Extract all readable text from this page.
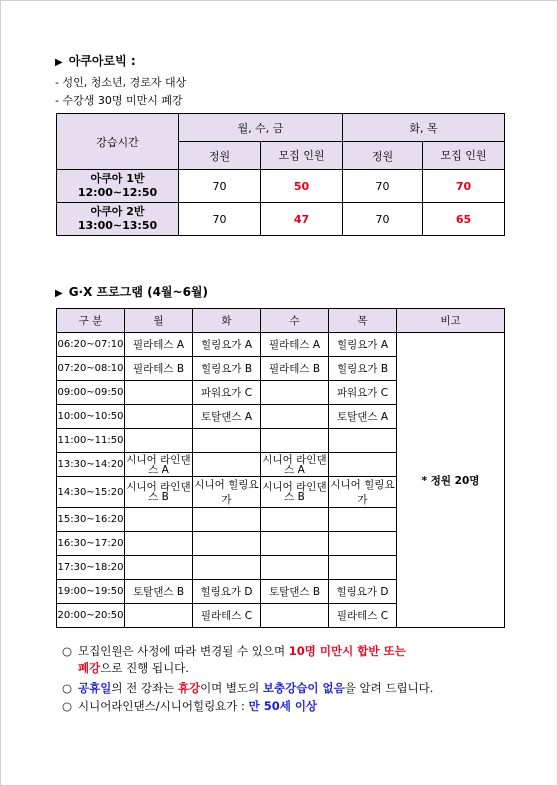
▶ 아쿠아로빅 :
- 성인, 청소년, 경로자 대상
- 수강생 30명 미만시 폐강
강습시간	월, 수, 금		화, 목	
	정원	모집 인원	정원	모집 인원

아쿠아 1반
12:00~12:50	70	50	70	70

아쿠아 2반
13:00~13:50	70	47	70	65
▶ G·X 프로그램 (4월~6월)
구 분	월	화	수	목	비고
06:20~07:10	필라테스 A	힐링요가 A	필라테스 A	힐링요가 A	* 정원 20명
07:20~08:10	필라테스 B	힐링요가 B	필라테스 B	힐링요가 B	
09:00~09:50		파워요가 C		파워요가 C	
10:00~10:50		토탈댄스 A		토탈댄스 A	
11:00~11:50					
13:30~14:20	시니어 라인댄스 A		시니어 라인댄스 A		
14:30~15:20	시니어 라인댄스 B	시니어 힐링요가	시니어 라인댄스 B	시니어 힐링요가	
15:30~16:20					
16:30~17:20					
17:30~18:20					
19:00~19:50	토탈댄스 B	힐링요가 D	토탈댄스 B	힐링요가 D	
20:00~20:50		필라테스 C		필라테스 C	
○ 모집인원은 사정에 따라 변경될 수 있으며 10명 미만시 합반 또는
폐강으로 진행 됩니다.
○ 공휴일의 전 강좌는 휴강이며 별도의 보충강습이 없음을 알려 드립니다.
○ 시니어라인댄스/시니어힐링요가 : 만 50세 이상
